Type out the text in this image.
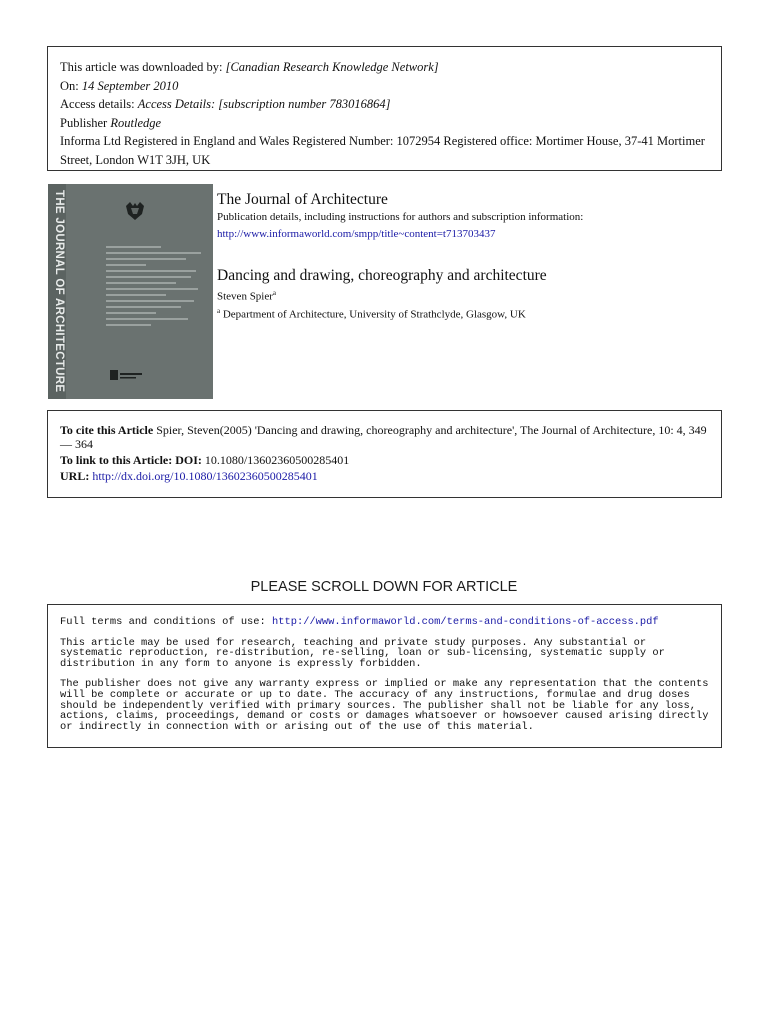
This article was downloaded by: [Canadian Research Knowledge Network]
On: 14 September 2010
Access details: Access Details: [subscription number 783016864]
Publisher Routledge
Informa Ltd Registered in England and Wales Registered Number: 1072954 Registered office: Mortimer House, 37-41 Mortimer Street, London W1T 3JH, UK
THE JOURNAL OF ARCHITECTURE	The Journal of Architecture
Publication details, including instructions for authors and subscription information:
http://www.informaworld.com/smpp/title~content=t713703437
Dancing and drawing, choreography and architecture
Steven Spier$^a$
$^a$ Department of Architecture, University of Strathclyde, Glasgow, UK
To cite this Article Spier, Steven(2005) 'Dancing and drawing, choreography and architecture', The Journal of Architecture, 10: 4, 349 — 364
To link to this Article: DOI: 10.1080/13602360500285401
URL: http://dx.doi.org/10.1080/13602360500285401
PLEASE SCROLL DOWN FOR ARTICLE

Full terms and conditions of use: http://www.informaworld.com/terms-and-conditions-of-access.pdf

This article may be used for research, teaching and private study purposes. Any substantial or systematic reproduction, re-distribution, re-selling, loan or sub-licensing, systematic supply or distribution in any form to anyone is expressly forbidden.

The publisher does not give any warranty express or implied or make any representation that the contents will be complete or accurate or up to date. The accuracy of any instructions, formulae and drug doses should be independently verified with primary sources. The publisher shall not be liable for any loss, actions, claims, proceedings, demand or costs or damages whatsoever or howsoever caused arising directly or indirectly in connection with or arising out of the use of this material.
